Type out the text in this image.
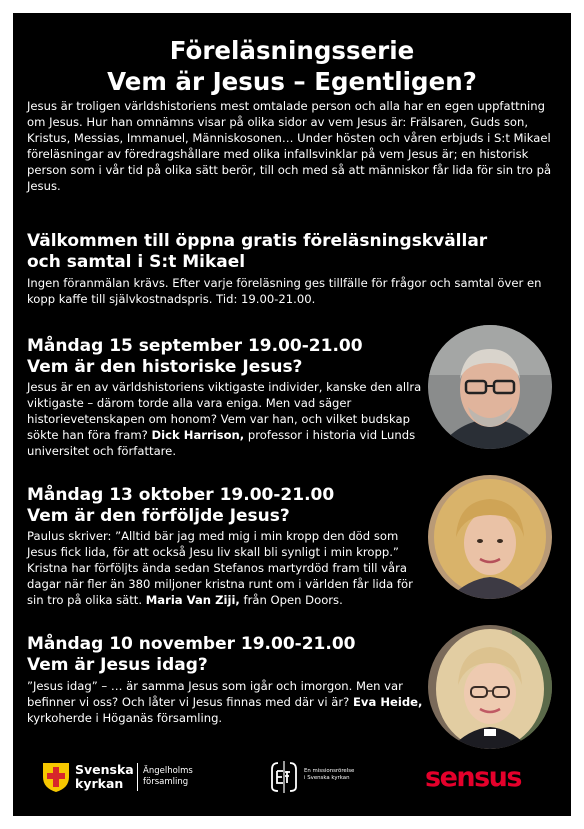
Föreläsningsserie
Vem är Jesus – Egentligen?

Jesus är troligen världshistoriens mest omtalade person och alla har en egen uppfattning om Jesus. Hur han omnämns visar på olika sidor av vem Jesus är: Frälsaren, Guds son, Kristus, Messias, Immanuel, Människosonen… Under hösten och våren erbjuds i S:t Mikael föreläsningar av föredragshållare med olika infallsvinklar på vem Jesus är; en historisk person som i vår tid på olika sätt berör, till och med så att människor får lida för sin tro på Jesus.

Välkommen till öppna gratis föreläsningskvällar
och samtal i S:t Mikael

Ingen föranmälan krävs. Efter varje föreläsning ges tillfälle för frågor och samtal över en kopp kaffe till självkostnadspris. Tid: 19.00-21.00.

Måndag 15 september 19.00-21.00
Vem är den historiske Jesus?

Jesus är en av världshistoriens viktigaste individer, kanske den allra viktigaste – därom torde alla vara eniga. Men vad säger historievetenskapen om honom? Vem var han, och vilket budskap sökte han föra fram? Dick Harrison, professor i historia vid Lunds universitet och författare.

Måndag 13 oktober 19.00-21.00
Vem är den förföljde Jesus?

Paulus skriver: ”Alltid bär jag med mig i min kropp den död som Jesus fick lida, för att också Jesu liv skall bli synligt i min kropp.” Kristna har förföljts ända sedan Stefanos martyrdöd fram till våra dagar när fler än 380 miljoner kristna runt om i världen får lida för sin tro på olika sätt. Maria Van Ziji, från Open Doors.

Måndag 10 november 19.00-21.00
Vem är Jesus idag?

”Jesus idag” – … är samma Jesus som igår och imorgon. Men var befinner vi oss? Och låter vi Jesus finnas med där vi är? Eva Heide, kyrkoherde i Höganäs församling.

Svenska
kyrkan
Ängelholms
församling
En missionsrörelse
i Svenska kyrkan	sensus
